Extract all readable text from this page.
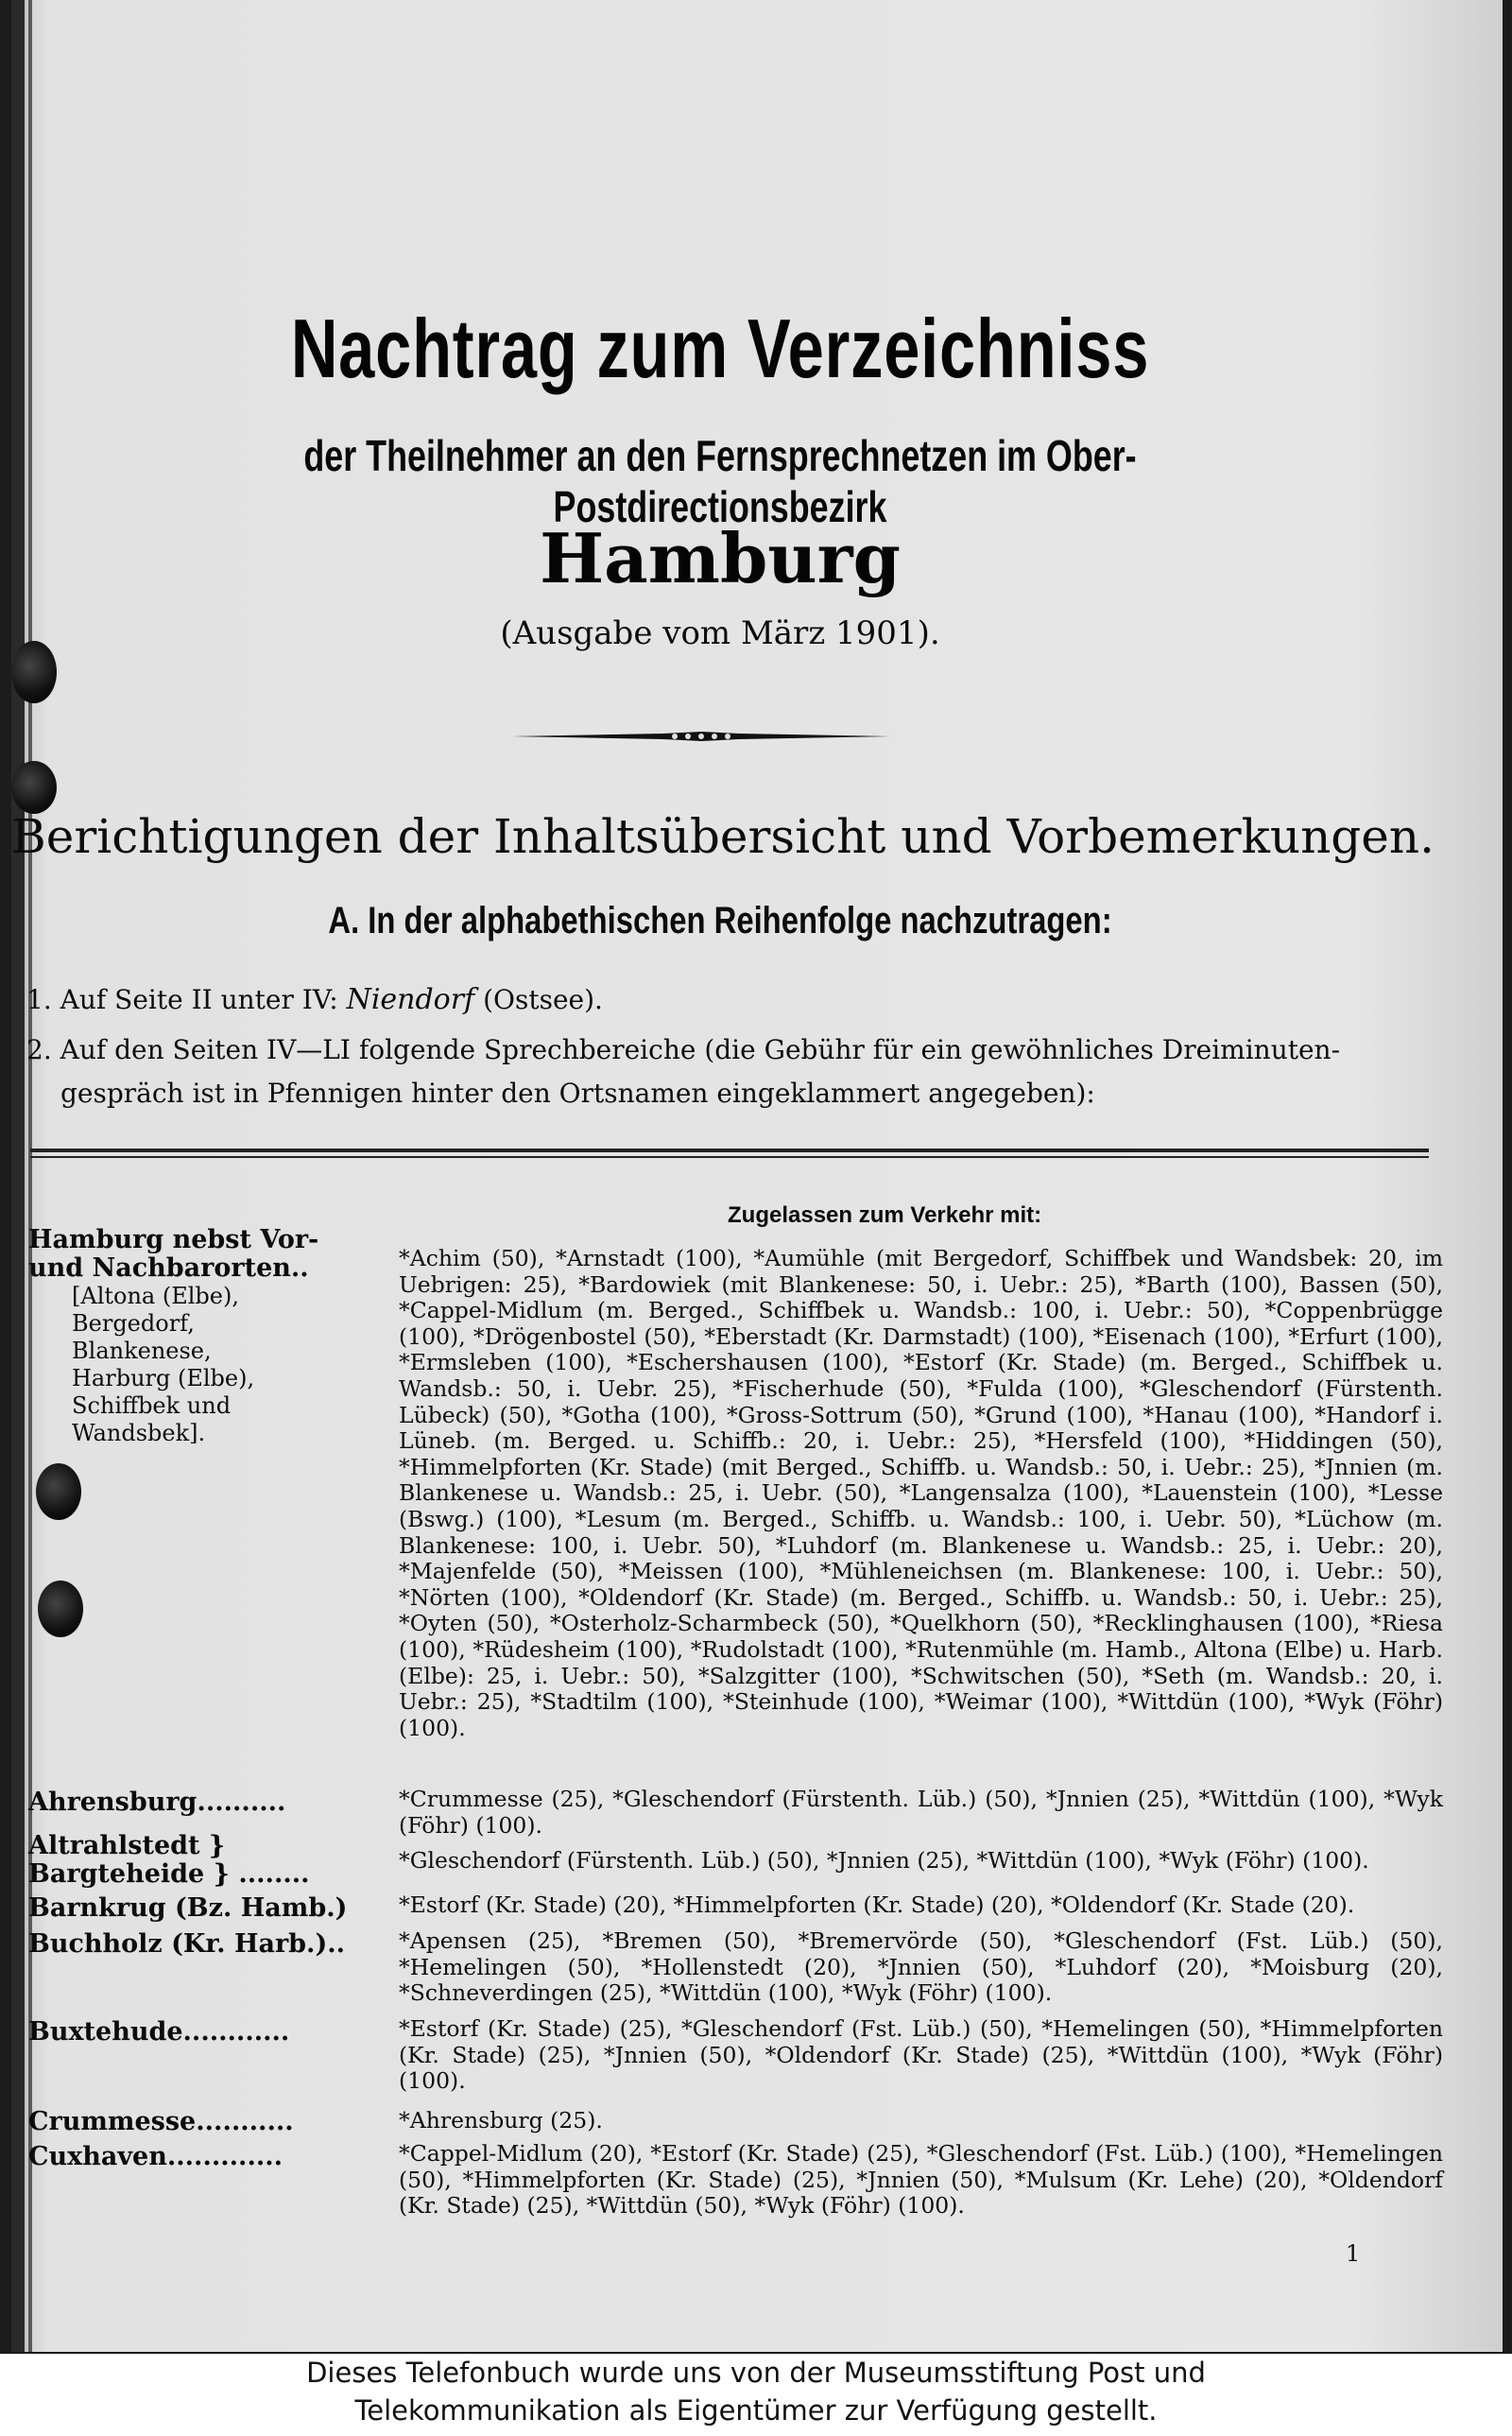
Nachtrag zum Verzeichniss
der Theilnehmer an den Fernsprechnetzen im Ober-Postdirectionsbezirk
Hamburg
(Ausgabe vom März 1901).
Berichtigungen der Inhaltsübersicht und Vorbemerkungen.
A. In der alphabethischen Reihenfolge nachzutragen:

1. Auf Seite II unter IV: Niendorf (Ostsee).

2. Auf den Seiten IV—LI folgende Sprechbereiche (die Gebühr für ein gewöhnliches Dreiminuten-

gespräch ist in Pfennigen hinter den Ortsnamen eingeklammert angegeben):

Zugelassen zum Verkehr mit:

Hamburg nebst Vor- und Nachbarorten..
[Altona (Elbe), Bergedorf, Blankenese, Harburg (Elbe), Schiffbek und Wandsbek].
*Achim (50), *Arnstadt (100), *Aumühle (mit Bergedorf, Schiffbek und Wandsbek: 20, im Uebrigen: 25), *Bardowiek (mit Blankenese: 50, i. Uebr.: 25), *Barth (100), Bassen (50), *Cappel-Midlum (m. Berged., Schiffbek u. Wandsb.: 100, i. Uebr.: 50), *Coppenbrügge (100), *Drögenbostel (50), *Eberstadt (Kr. Darmstadt) (100), *Eisenach (100), *Erfurt (100), *Ermsleben (100), *Eschershausen (100), *Estorf (Kr. Stade) (m. Berged., Schiffbek u. Wandsb.: 50, i. Uebr. 25), *Fischerhude (50), *Fulda (100), *Gleschendorf (Fürstenth. Lübeck) (50), *Gotha (100), *Gross-Sottrum (50), *Grund (100), *Hanau (100), *Handorf i. Lüneb. (m. Berged. u. Schiffb.: 20, i. Uebr.: 25), *Hersfeld (100), *Hiddingen (50), *Himmelpforten (Kr. Stade) (mit Berged., Schiffb. u. Wandsb.: 50, i. Uebr.: 25), *Jnnien (m. Blankenese u. Wandsb.: 25, i. Uebr. (50), *Langensalza (100), *Lauenstein (100), *Lesse (Bswg.) (100), *Lesum (m. Berged., Schiffb. u. Wandsb.: 100, i. Uebr. 50), *Lüchow (m. Blankenese: 100, i. Uebr. 50), *Luhdorf (m. Blankenese u. Wandsb.: 25, i. Uebr.: 20), *Majenfelde (50), *Meissen (100), *Mühleneichsen (m. Blankenese: 100, i. Uebr.: 50), *Nörten (100), *Oldendorf (Kr. Stade) (m. Berged., Schiffb. u. Wandsb.: 50, i. Uebr.: 25), *Oyten (50), *Osterholz-Scharmbeck (50), *Quelkhorn (50), *Recklinghausen (100), *Riesa (100), *Rüdesheim (100), *Rudolstadt (100), *Rutenmühle (m. Hamb., Altona (Elbe) u. Harb. (Elbe): 25, i. Uebr.: 50), *Salzgitter (100), *Schwitschen (50), *Seth (m. Wandsb.: 20, i. Uebr.: 25), *Stadtilm (100), *Steinhude (100), *Weimar (100), *Wittdün (100), *Wyk (Föhr) (100).
Ahrensburg..........	*Crummesse (25), *Gleschendorf (Fürstenth. Lüb.) (50), *Jnnien (25), *Wittdün (100), *Wyk (Föhr) (100).
Altrahlstedt } Bargteheide } ........	*Gleschendorf (Fürstenth. Lüb.) (50), *Jnnien (25), *Wittdün (100), *Wyk (Föhr) (100).
Barnkrug (Bz. Hamb.) *Estorf (Kr. Stade) (20), *Himmelpforten (Kr. Stade) (20), *Oldendorf (Kr. Stade (20).
Buchholz (Kr. Harb.).. *Apensen (25), *Bremen (50), *Bremervörde (50), *Gleschendorf (Fst. Lüb.) (50), *Hemelingen (50), *Hollenstedt (20), *Jnnien (50), *Luhdorf (20), *Moisburg (20), *Schneverdingen (25), *Wittdün (100), *Wyk (Föhr) (100).
Buxtehude............	*Estorf (Kr. Stade) (25), *Gleschendorf (Fst. Lüb.) (50), *Hemelingen (50), *Himmelpforten (Kr. Stade) (25), *Jnnien (50), *Oldendorf (Kr. Stade) (25), *Wittdün (100), *Wyk (Föhr) (100).
Crummesse...........	*Ahrensburg (25).
Cuxhaven.............	*Cappel-Midlum (20), *Estorf (Kr. Stade) (25), *Gleschendorf (Fst. Lüb.) (100), *Hemelingen (50), *Himmelpforten (Kr. Stade) (25), *Jnnien (50), *Mulsum (Kr. Lehe) (20), *Oldendorf (Kr. Stade) (25), *Wittdün (50), *Wyk (Föhr) (100).
1
Dieses Telefonbuch wurde uns von der Museumsstiftung Post und
Telekommunikation als Eigentümer zur Verfügung gestellt.
